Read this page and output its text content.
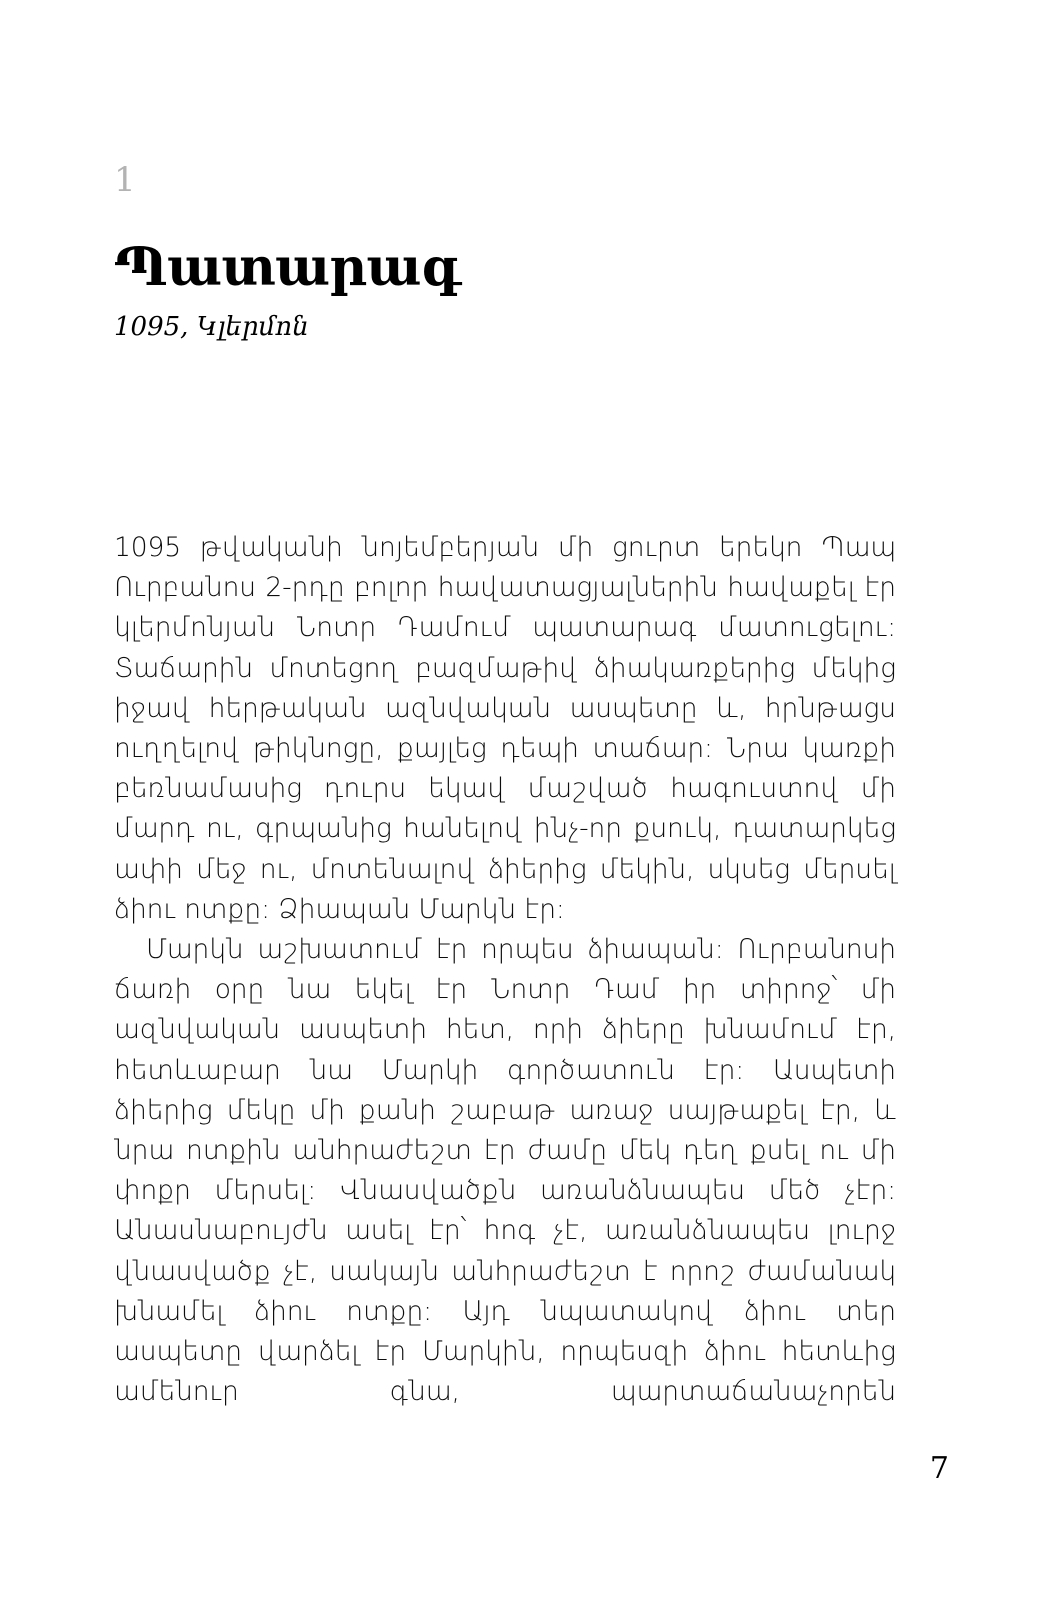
1
Պատարագ
1095, Կլերմոն

1095 թվականի նոյեմբերյան մի ցուրտ երեկո Պապ Ուրբանոս 2-րդը բոլոր հավատացյալներին հավաքել էր կլերմոնյան Նոտր Դամում պատարագ մատուցելու: Տաճարին մոտեցող բազմաթիվ ձիակառքերից մեկից իջավ հերթական ազնվական ասպետը և, հրնթացս ուղղելով թիկնոցը, քայլեց դեպի տաճար: Նրա կառքի բեռնամասից դուրս եկավ մաշված հագուստով մի մարդ ու, գրպանից հանելով ինչ-որ քսուկ, դատարկեց ափի մեջ ու, մոտենալով ձիերից մեկին, սկսեց մերսել ձիու ոտքը: Ձիապան Մարկն էր:

Մարկն աշխատում էր որպես ձիապան: Ուրբանոսի ճառի օրը նա եկել էր Նոտր Դամ իր տիրոջ՝ մի ազնվական ասպետի հետ, որի ձիերը խնամում էր, հետևաբար նա Մարկի գործատուն էր: Ասպետի ձիերից մեկը մի քանի շաբաթ առաջ սայթաքել էր, և նրա ոտքին անհրաժեշտ էր ժամը մեկ դեղ քսել ու մի փոքր մերսել: Վնասվածքն առանձնապես մեծ չէր: Անասնաբույժն ասել էր՝ հոգ չէ, առանձնապես լուրջ վնասվածք չէ, սակայն անհրաժեշտ է որոշ ժամանակ խնամել ձիու ոտքը: Այդ նպատակով ձիու տեր ասպետը վարձել էր Մարկին, որպեսզի ձիու հետևից ամենուր գնա, պարտաճանաչորեն

7
